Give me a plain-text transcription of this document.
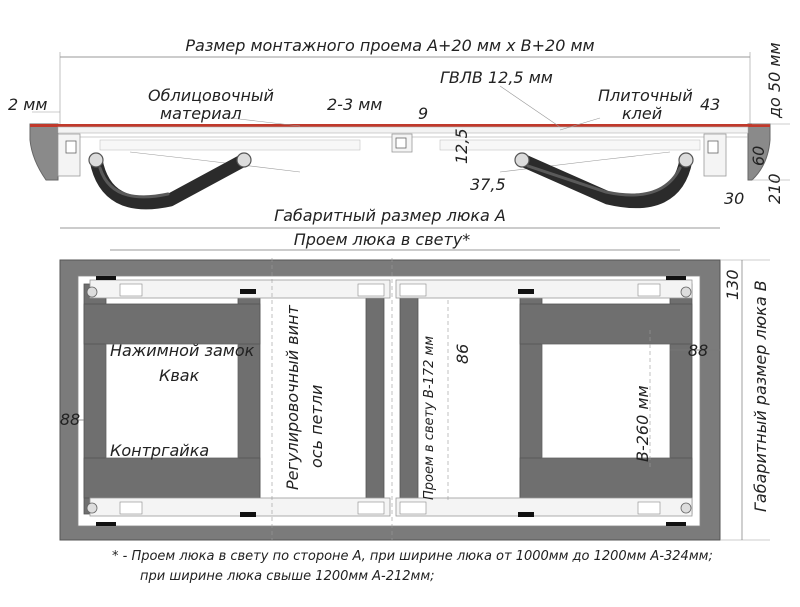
Размер монтажного проема А+20 мм х В+20 мм
2 мм	Облицовочный
материал
ГВЛВ 12,5 мм
2-3 мм 9
Плиточный
клей 43
12,5
37,5
30
до 50 мм
60
210
Габаритный размер люка А
Проем люка в свету*
88
88
86
130 Габаритный размер люка В
Нажимной замок
Квак
Контргайка	Регулировочный винт ось петли	Проем в свету В-172 мм	В-260 мм
* - Проем люка в свету по стороне А, при ширине люка от 1000мм до 1200мм А-324мм;
при ширине люка свыше 1200мм А-212мм;
